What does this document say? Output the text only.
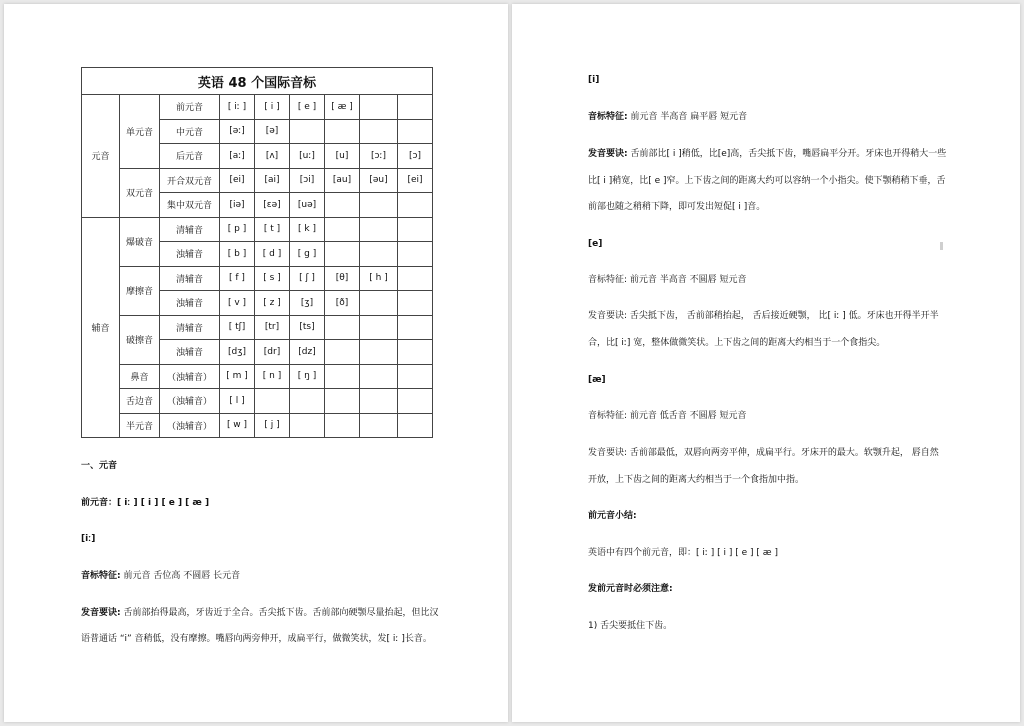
英语 48 个国际音标								
元音	单元音	前元音	[ iː ]	[ i ]	[ e ]	[ æ ]		
		中元音	[əː]	[ə]				
		后元音	[aː]	[ʌ]	[uː]	[u]	[ɔː]	[ɔ]
	双元音	开合双元音	[ei]	[ai]	[ɔi]	[au]	[əu]	[ei]
		集中双元音	[iə]	[εə]	[uə]			
辅音	爆破音	清辅音	[ p ]	[ t ]	[ k ]			
		浊辅音	[ b ]	[ d ]	[ g ]			
	摩擦音	清辅音	[ f ]	[ s ]	[ ʃ ]	[θ]	[ h ]	
		浊辅音	[ v ]	[ z ]	[ʒ]	[ð]		
	破擦音	清辅音	[ tʃ]	[tr]	[ts]			
		浊辅音	[dʒ]	[dr]	[dz]			
	鼻音	（浊辅音）	[ m ]	[ n ]	[ ŋ ]			
	舌边音	（浊辅音）	[ l ]					
	半元音	（浊辅音）	[ w ]	[ j ]				
一、元音
前元音：[ iː ] [ i ] [ e ] [ æ ]
[iː]
音标特征: 前元音 舌位高 不圆唇 长元音
发音要诀: 舌前部抬得最高，牙齿近于全合。舌尖抵下齿。舌前部向硬颚尽量抬起，但比汉
语普通话 “i” 音稍低，没有摩擦。嘴唇向两旁伸开，成扁平行，做微笑状，发[ iː ]长音。
[i]
音标特征: 前元音 半高音 扁平唇 短元音
发音要诀: 舌前部比[ i ]稍低，比[e]高，舌尖抵下齿，嘴唇扁平分开。牙床也开得稍大一些
比[ i ]稍宽，比[ e ]窄。上下齿之间的距离大约可以容纳一个小指尖。使下颚稍稍下垂，舌
前部也随之稍稍下降，即可发出短促[ i ]音。
[e]
音标特征: 前元音 半高音 不圆唇 短元音
发音要诀: 舌尖抵下齿， 舌前部稍抬起， 舌后接近硬颚， 比[ iː ] 低。牙床也开得半开半
合，比[ iː] 宽，整体做微笑状。上下齿之间的距离大约相当于一个食指尖。
[æ]
音标特征: 前元音 低舌音 不圆唇 短元音
发音要诀: 舌前部最低，双唇向两旁平伸，成扁平行。牙床开的最大。软颚升起， 唇自然
开放，上下齿之间的距离大约相当于一个食指加中指。
前元音小结:
英语中有四个前元音，即：[ iː ] [ i ] [ e ] [ æ ]
发前元音时必须注意:
1) 舌尖要抵住下齿。
